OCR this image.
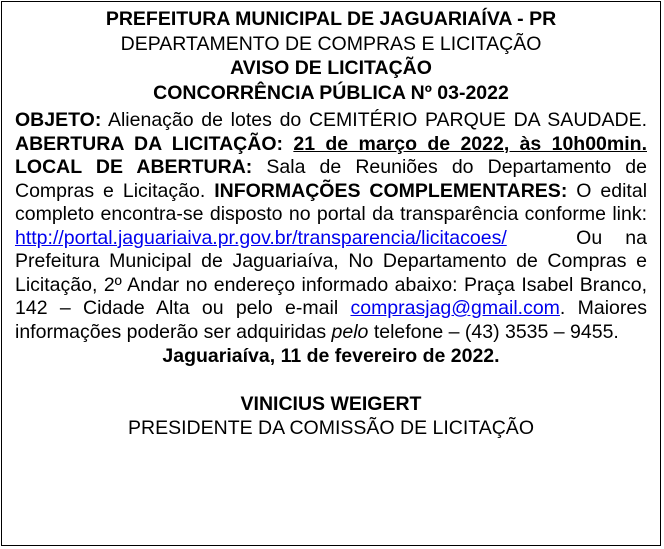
PREFEITURA MUNICIPAL DE JAGUARIAÍVA - PR
DEPARTAMENTO DE COMPRAS E LICITAÇÃO
AVISO DE LICITAÇÃO
CONCORRÊNCIA PÚBLICA Nº 03-2022
OBJETO: Alienação de lotes do CEMITÉRIO PARQUE DA SAUDADE. ABERTURA DA LICITAÇÃO: 21 de março de 2022, às 10h00min. LOCAL DE ABERTURA: Sala de Reuniões do Departamento de Compras e Licitação. INFORMAÇÕES COMPLEMENTARES: O edital completo encontra-se disposto no portal da transparência conforme link: http://portal.jaguariaiva.pr.gov.br/transparencia/licitacoes/	Ou na Prefeitura Municipal de Jaguariaíva, No Departamento de Compras e Licitação, 2º Andar no endereço informado abaixo: Praça Isabel Branco, 142 – Cidade Alta ou pelo e-mail comprasjag@gmail.com. Maiores informações poderão ser adquiridas pelo telefone – (43) 3535 – 9455.
Jaguariaíva, 11 de fevereiro de 2022.
VINICIUS WEIGERT
PRESIDENTE DA COMISSÃO DE LICITAÇÃO
